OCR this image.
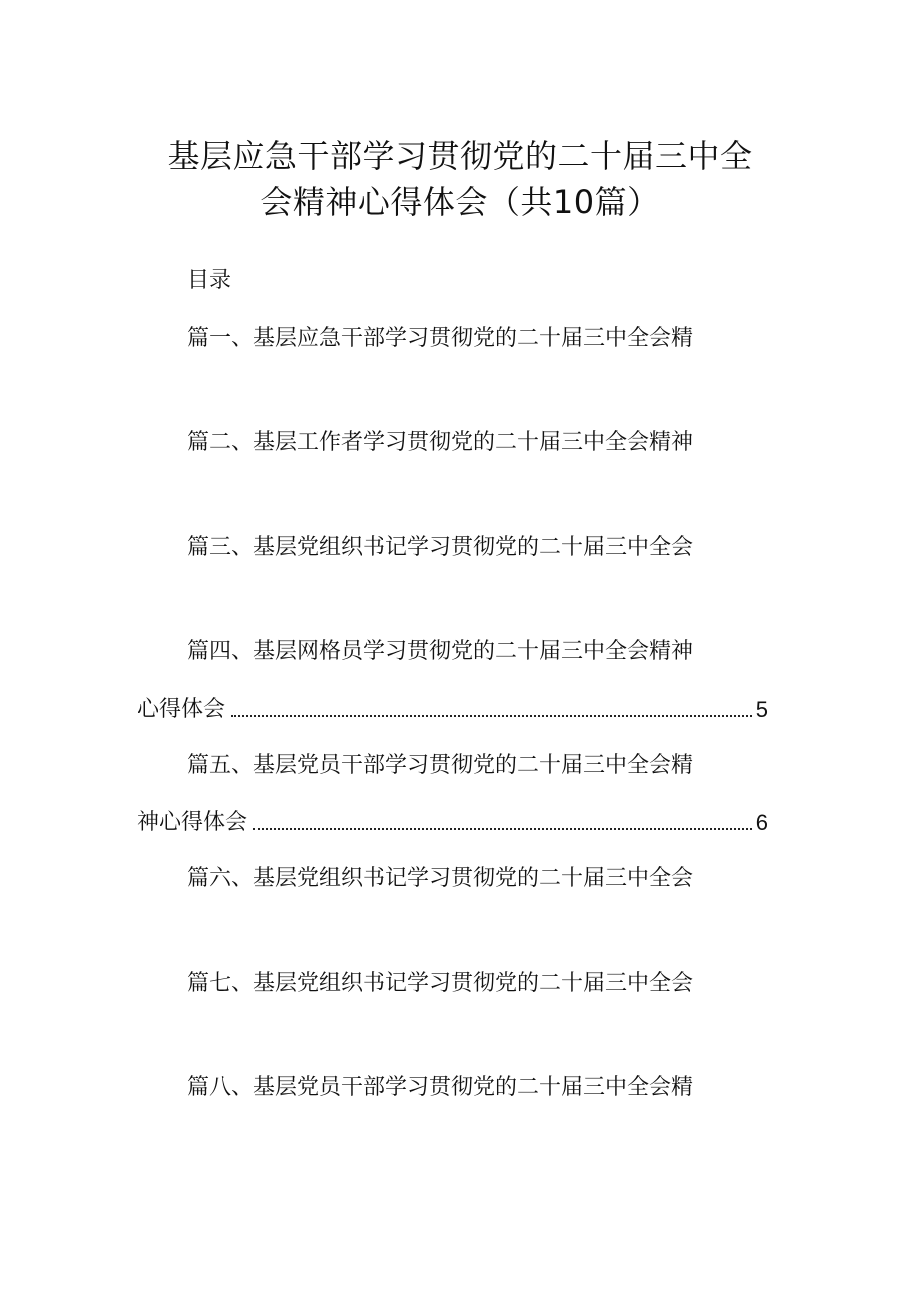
基层应急干部学习贯彻党的二十届三中全
会精神心得体会（共10篇）
目录
篇一、基层应急干部学习贯彻党的二十届三中全会精
篇二、基层工作者学习贯彻党的二十届三中全会精神
篇三、基层党组织书记学习贯彻党的二十届三中全会
篇四、基层网格员学习贯彻党的二十届三中全会精神
心得体会	5
篇五、基层党员干部学习贯彻党的二十届三中全会精
神心得体会	6
篇六、基层党组织书记学习贯彻党的二十届三中全会
篇七、基层党组织书记学习贯彻党的二十届三中全会
篇八、基层党员干部学习贯彻党的二十届三中全会精
